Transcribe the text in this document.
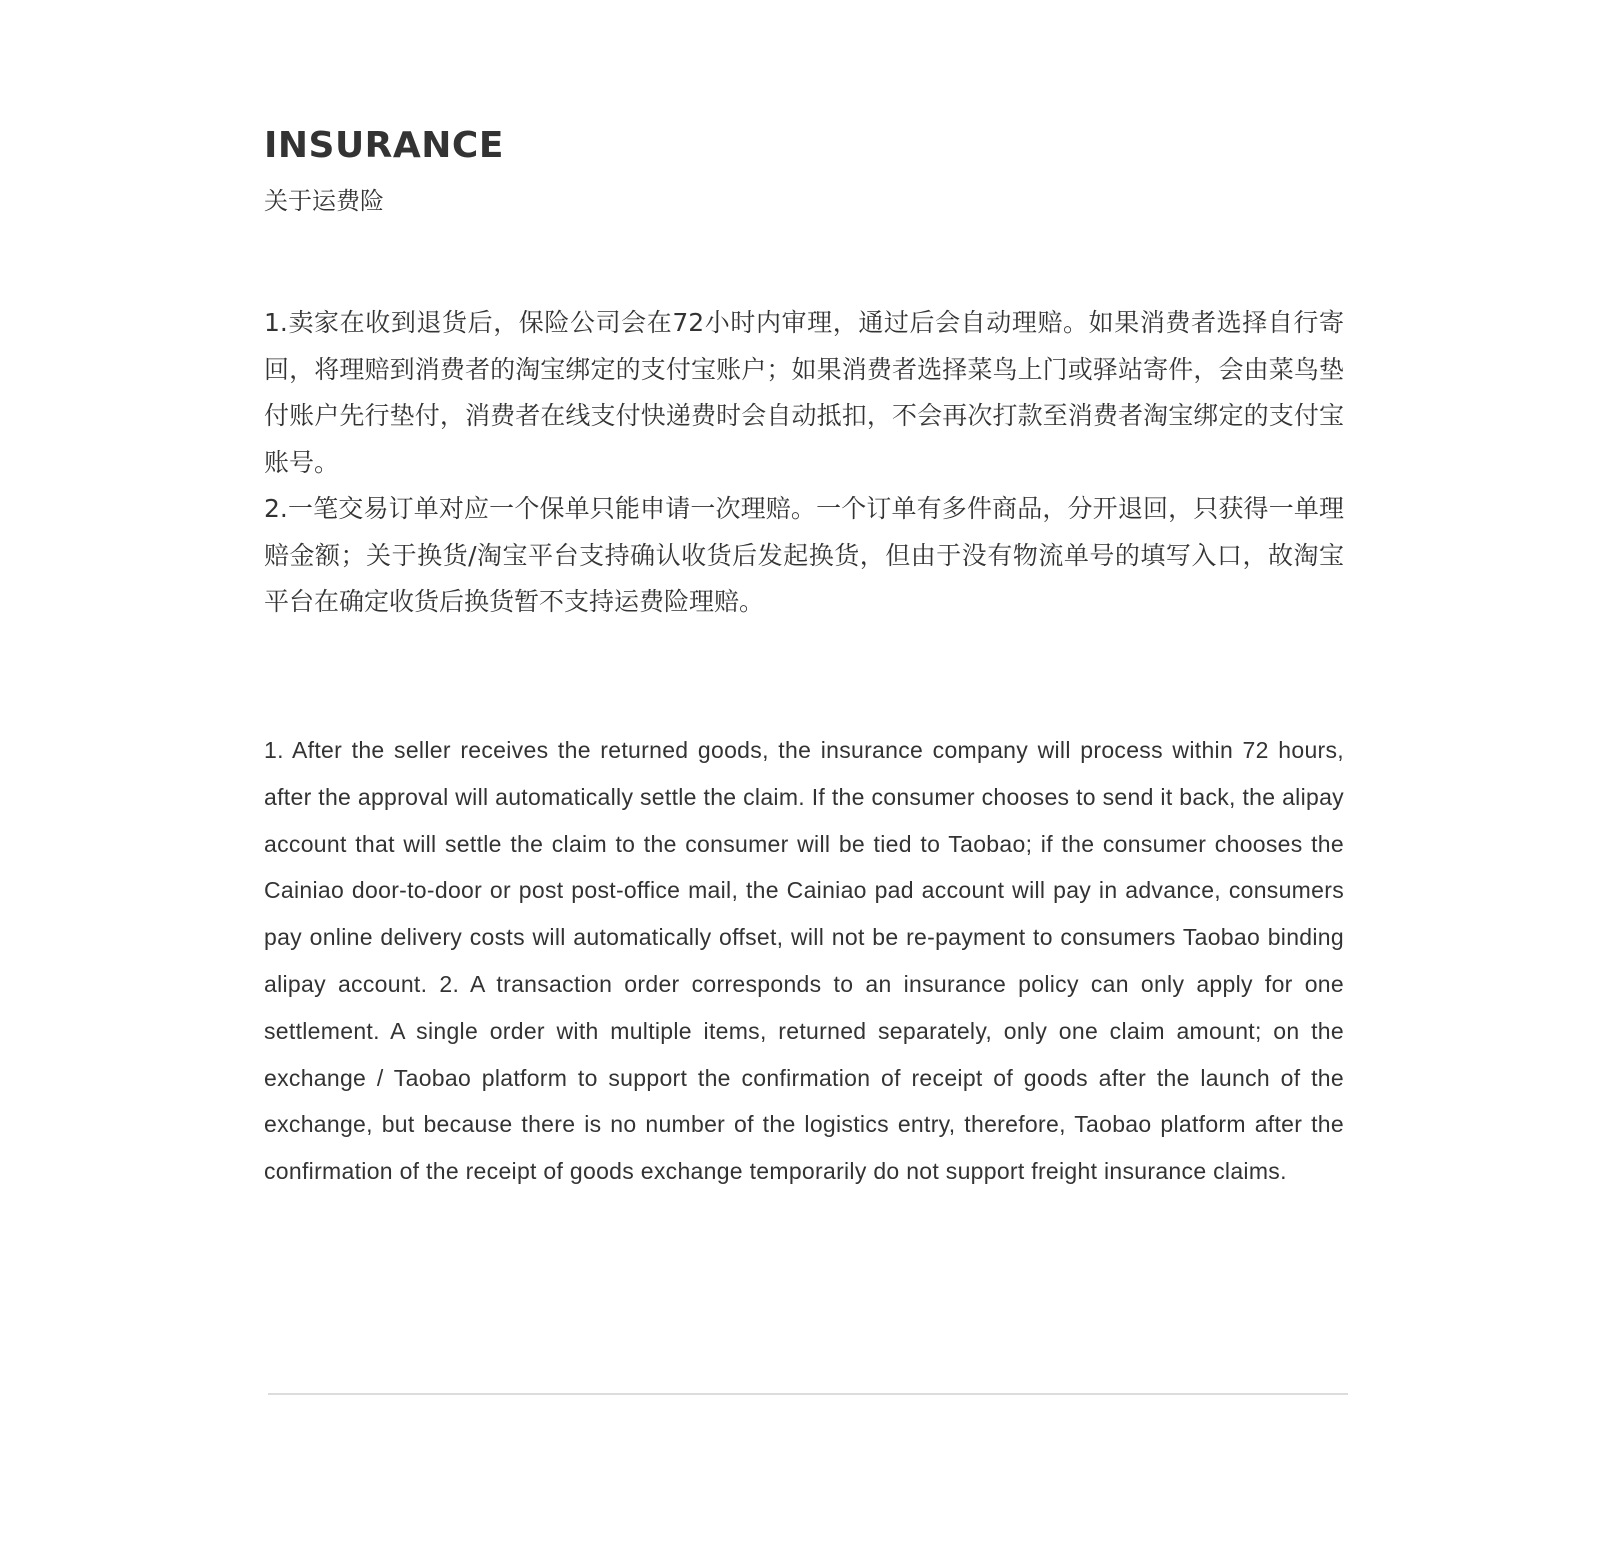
INSURANCE
关于运费险

1.卖家在收到退货后，保险公司会在72小时内审理，通过后会自动理赔。如果消费者选择自行寄回，将理赔到消费者的淘宝绑定的支付宝账户；如果消费者选择菜鸟上门或驿站寄件，会由菜鸟垫付账户先行垫付，消费者在线支付快递费时会自动抵扣，不会再次打款至消费者淘宝绑定的支付宝账号。

2.一笔交易订单对应一个保单只能申请一次理赔。一个订单有多件商品，分开退回，只获得一单理赔金额；关于换货/淘宝平台支持确认收货后发起换货，但由于没有物流单号的填写入口，故淘宝平台在确定收货后换货暂不支持运费险理赔。

1. After the seller receives the returned goods, the insurance company will process within 72 hours, after the approval will automatically settle the claim. If the consumer chooses to send it back, the alipay account that will settle the claim to the consumer will be tied to Taobao; if the consumer chooses the Cainiao door-to-door or post post-office mail, the Cainiao pad account will pay in advance, consumers pay online delivery costs will automatically offset, will not be re-payment to consumers Taobao binding alipay account. 2. A transaction order corresponds to an insurance policy can only apply for one settlement. A single order with multiple items, returned separately, only one claim amount; on the exchange / Taobao platform to support the confirmation of receipt of goods after the launch of the exchange, but because there is no number of the logistics entry, therefore, Taobao platform after the confirmation of the receipt of goods exchange temporarily do not support freight insurance claims.
